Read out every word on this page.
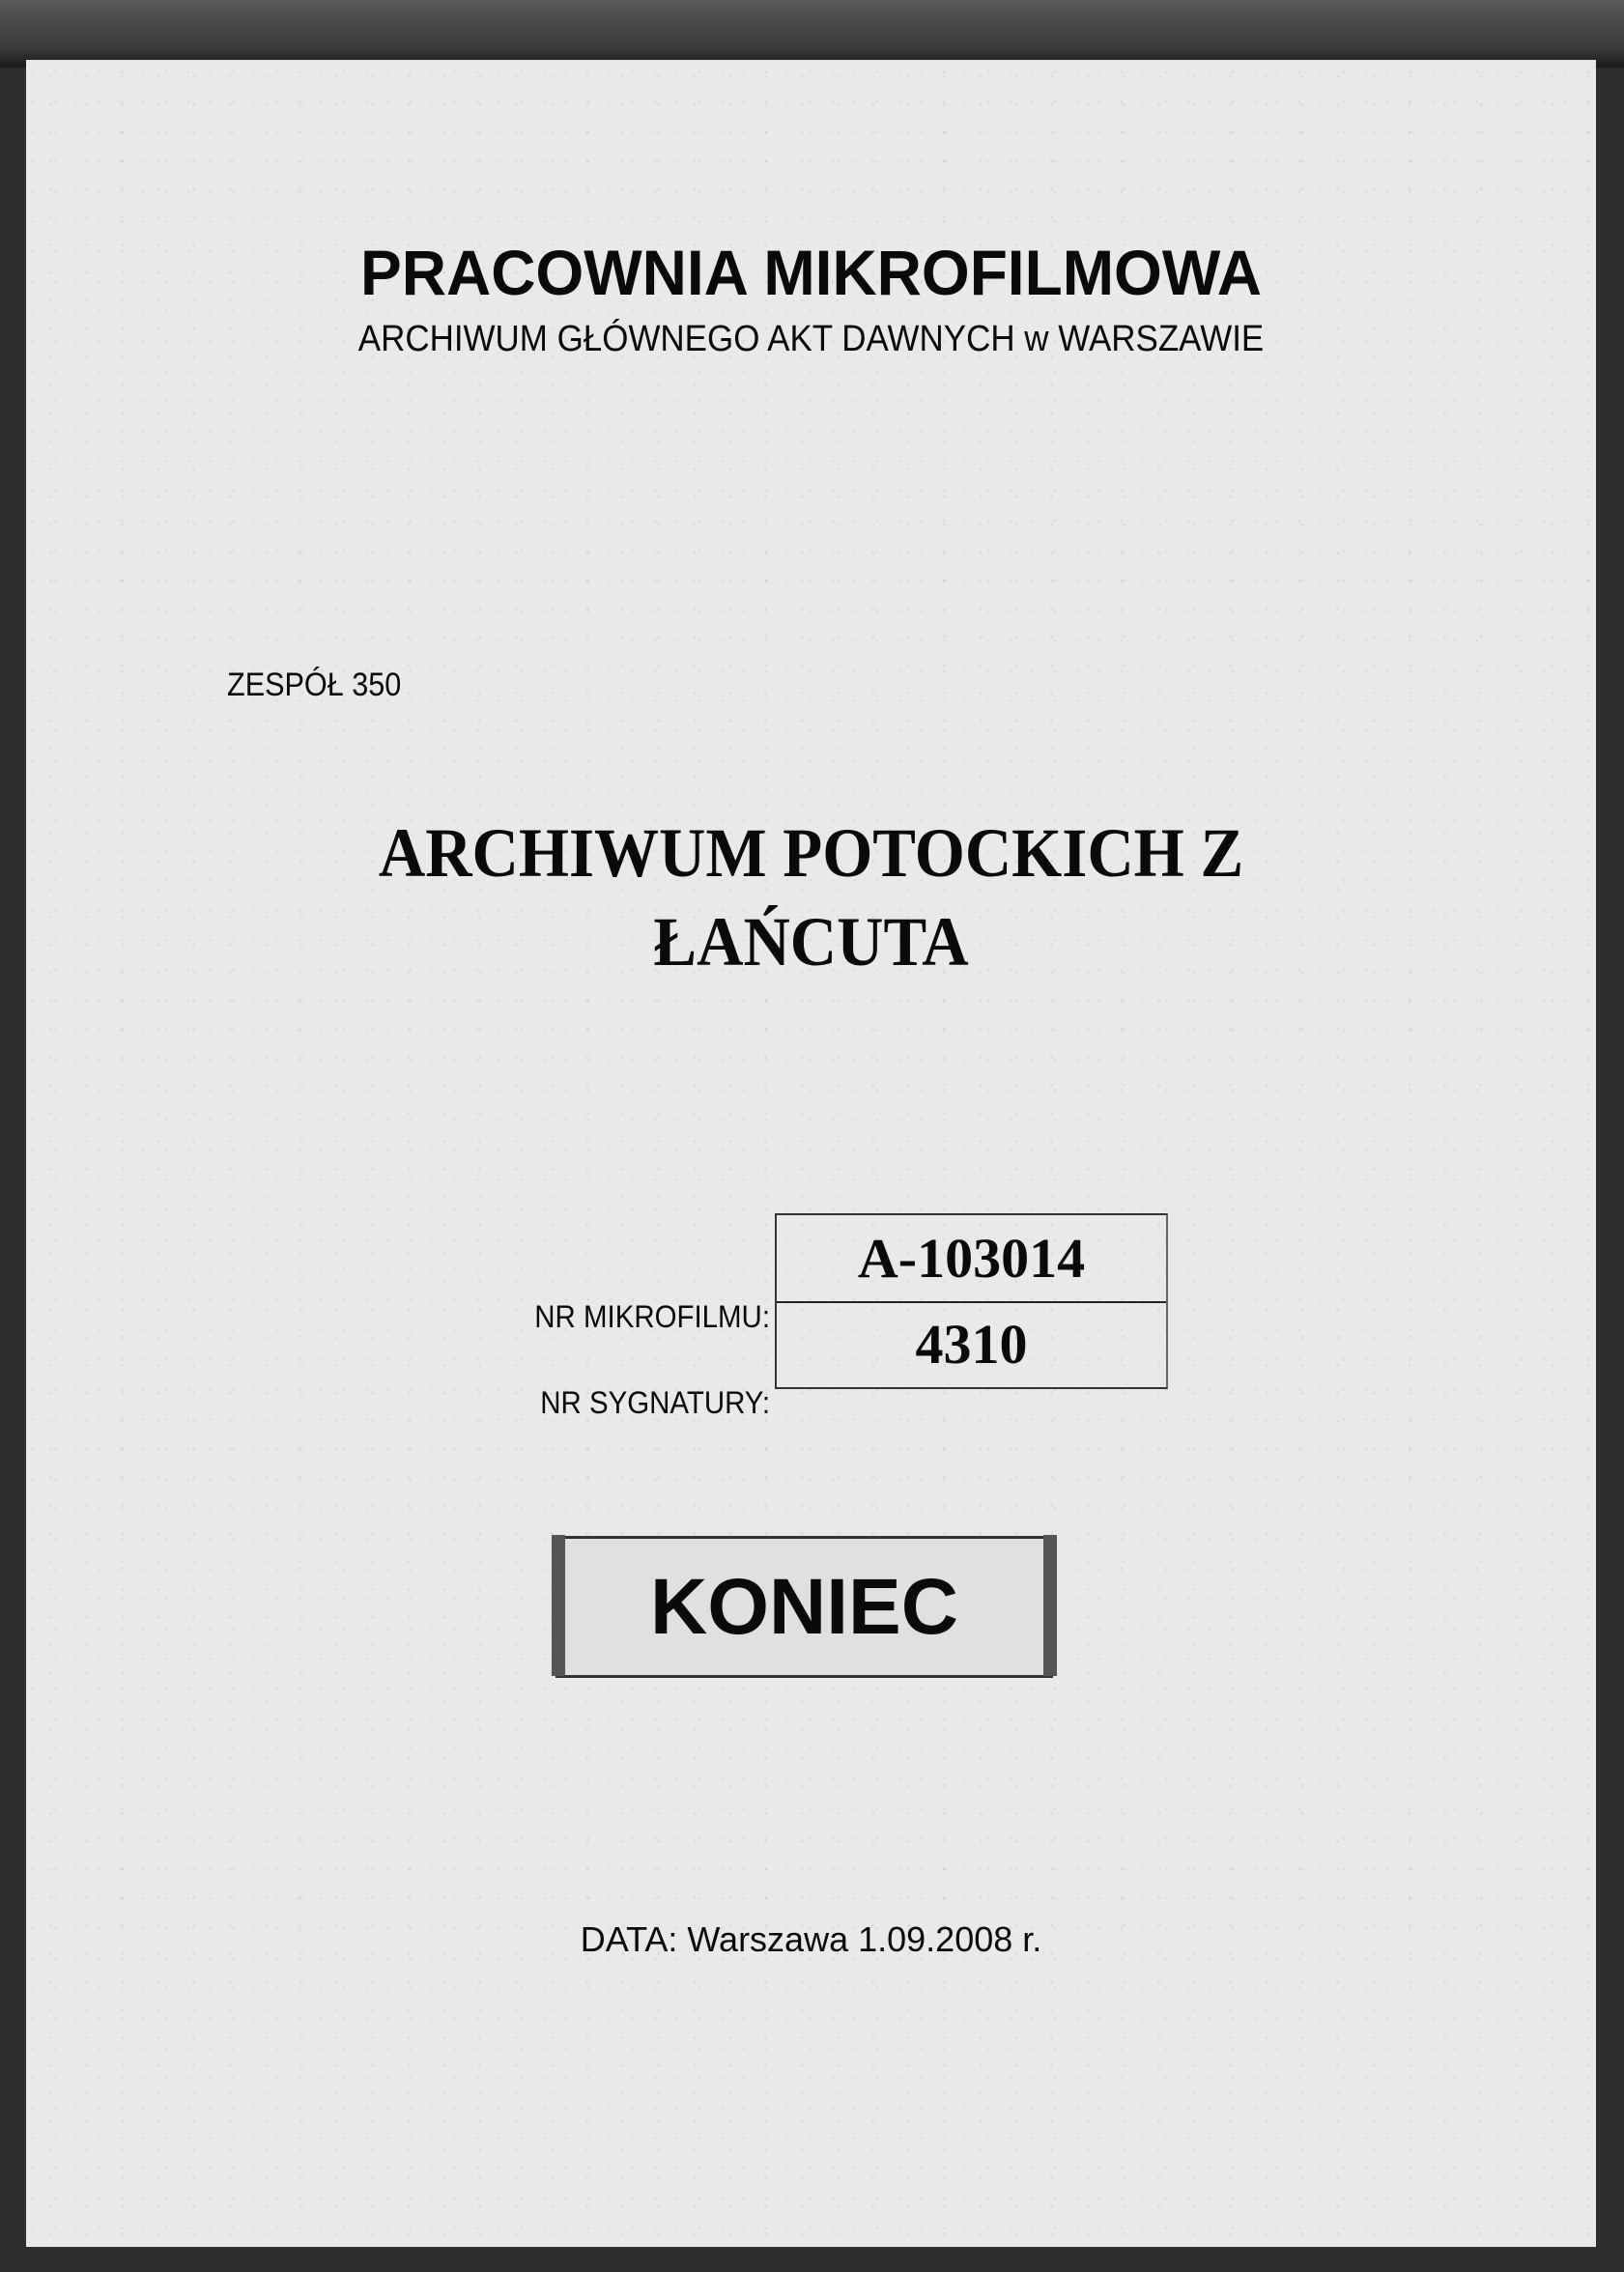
PRACOWNIA MIKROFILMOWA
ARCHIWUM GŁÓWNEGO AKT DAWNYCH w WARSZAWIE
ZESPÓŁ 350
ARCHIWUM POTOCKICH Z
ŁAŃCUTA
NR MIKROFILMU:
NR SYGNATURY:
A-103014
4310
KONIEC
DATA: Warszawa 1.09.2008 r.
